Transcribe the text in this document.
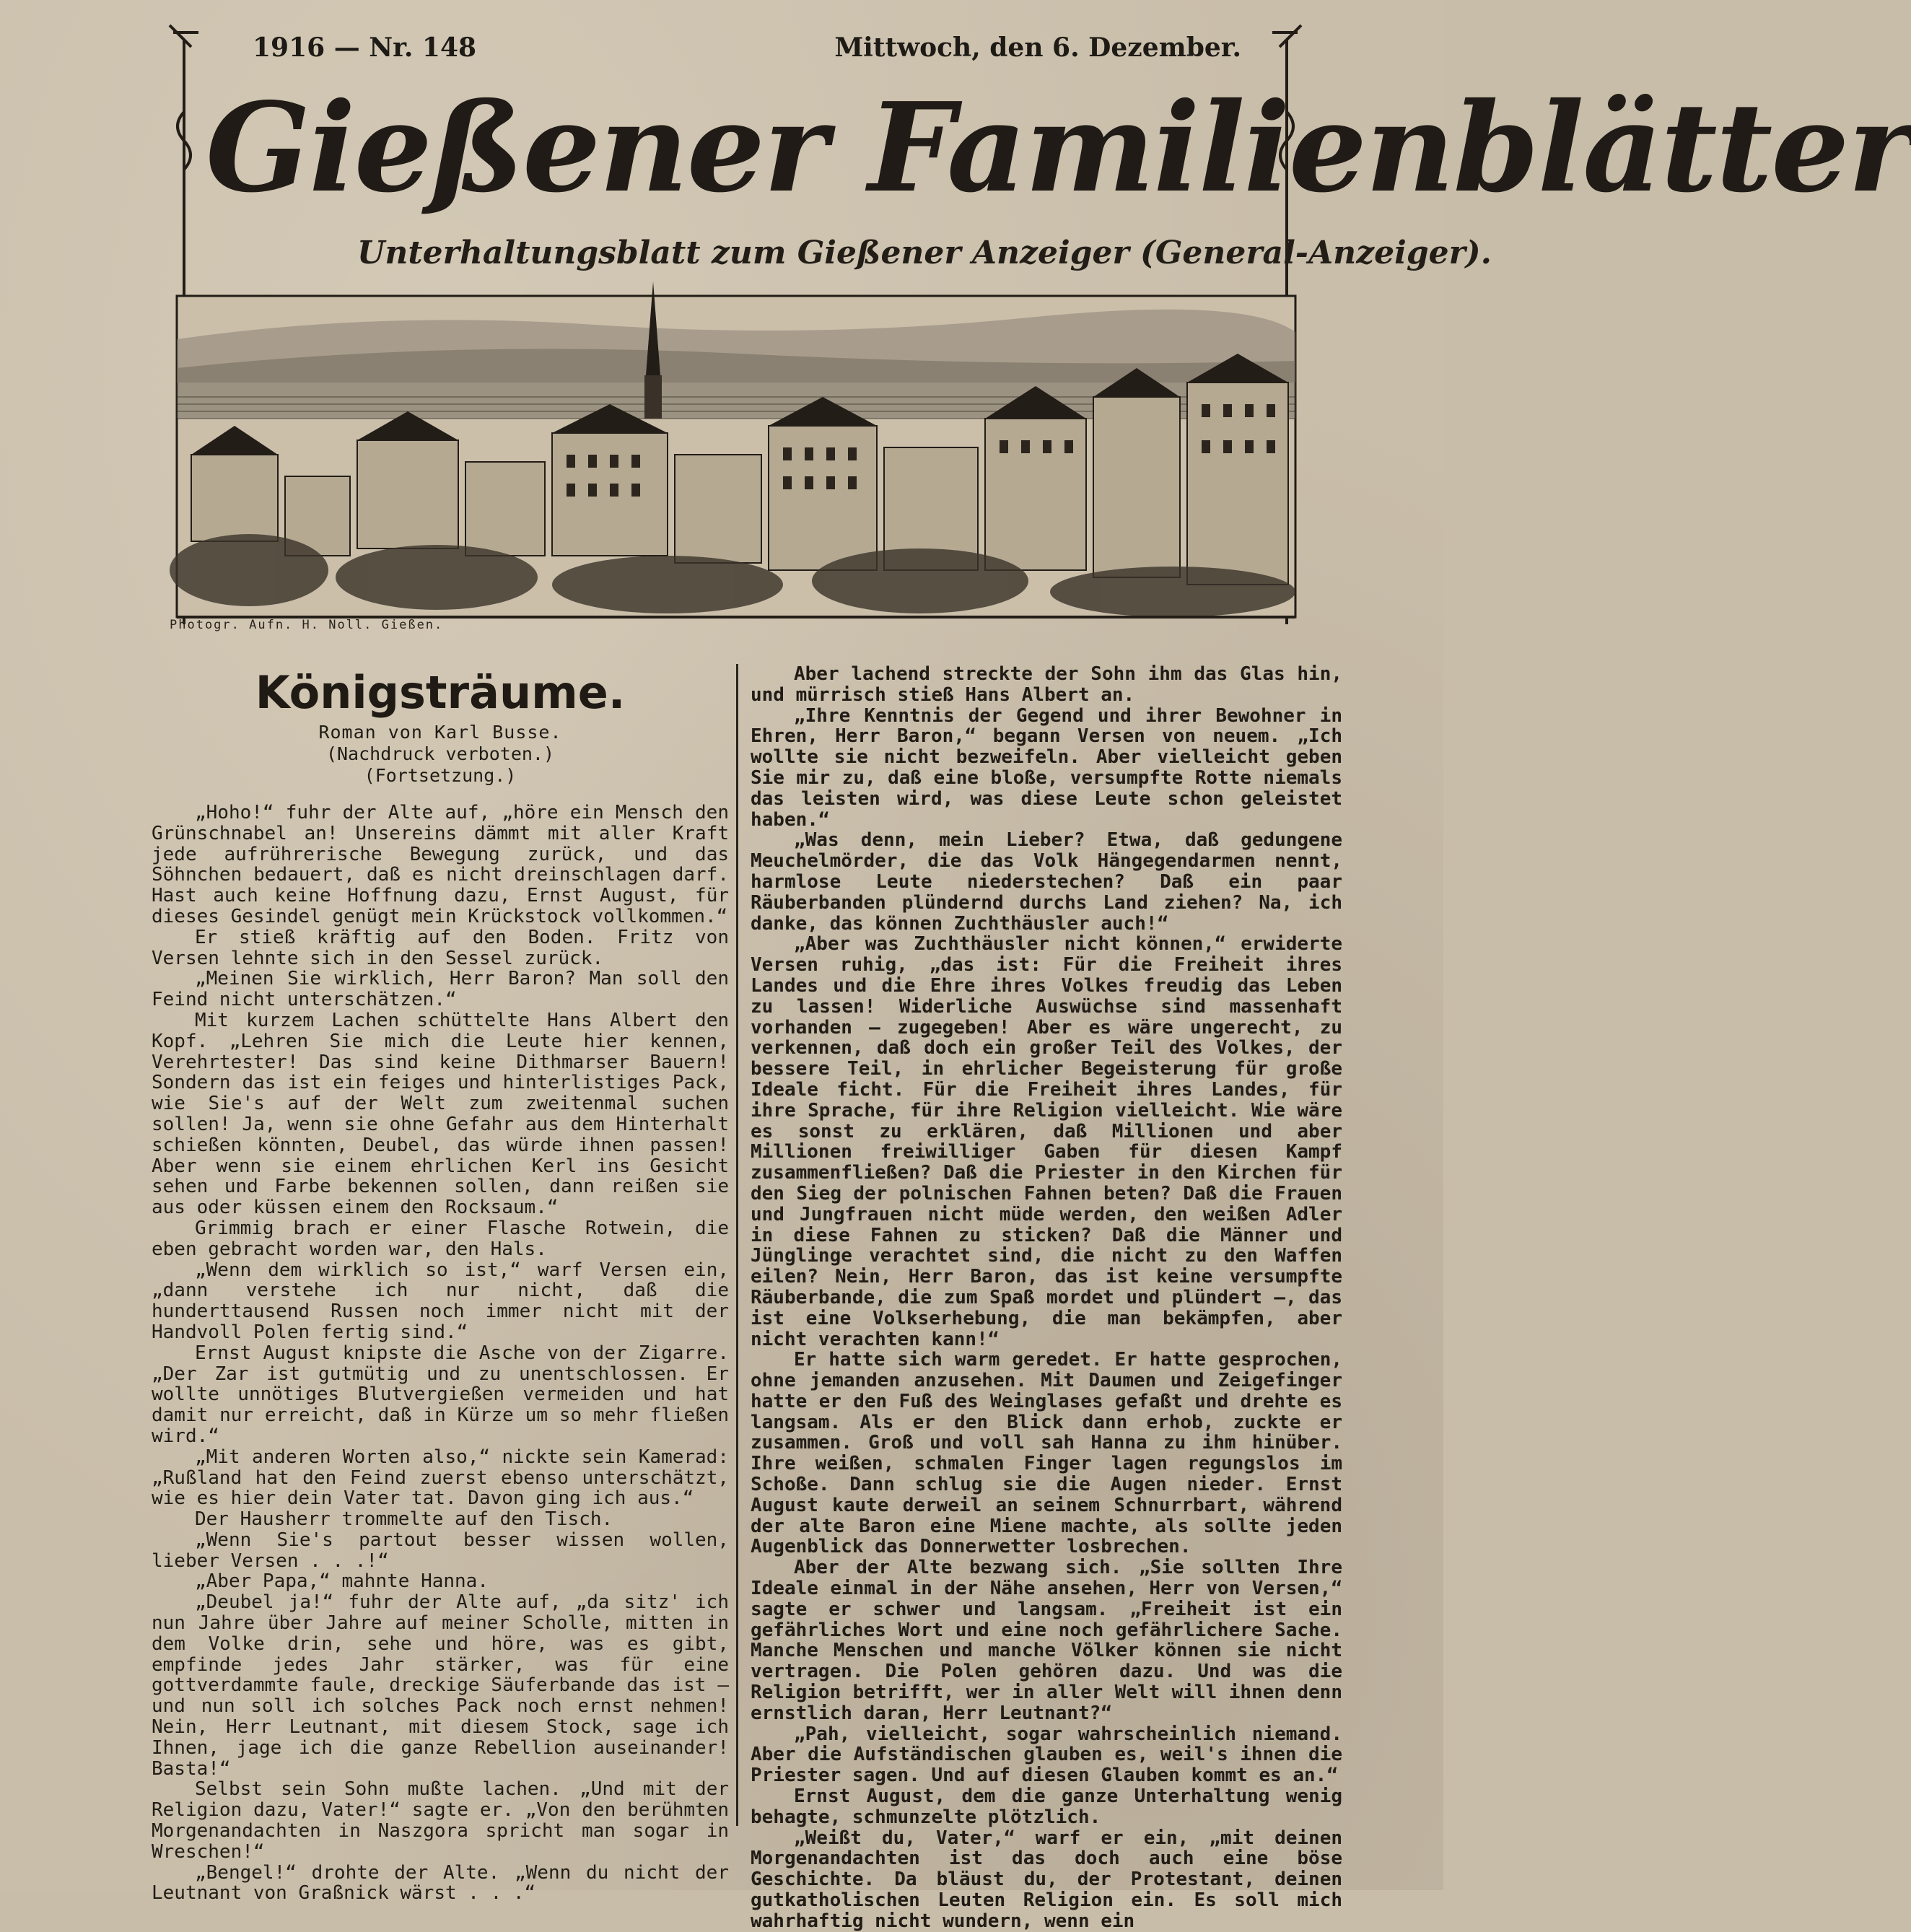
1916 — Nr. 148	Mittwoch, den 6. Dezember.
Gießener Familienblätter
Unterhaltungsblatt zum Gießener Anzeiger (General-Anzeiger).
Photogr. Aufn. H. Noll. Gießen.
Königsträume.
Roman von Karl Busse.
(Nachdruck verboten.)
(Fortsetzung.)

„Hoho!“ fuhr der Alte auf, „höre ein Mensch den Grünschnabel an! Unsereins dämmt mit aller Kraft jede aufrührerische Bewegung zurück, und das Söhnchen bedauert, daß es nicht dreinschlagen darf. Hast auch keine Hoffnung dazu, Ernst August, für dieses Gesindel genügt mein Krückstock vollkommen.“

Er stieß kräftig auf den Boden. Fritz von Versen lehnte sich in den Sessel zurück.

„Meinen Sie wirklich, Herr Baron? Man soll den Feind nicht unterschätzen.“

Mit kurzem Lachen schüttelte Hans Albert den Kopf. „Lehren Sie mich die Leute hier kennen, Verehrtester! Das sind keine Dithmarser Bauern! Sondern das ist ein feiges und hinterlistiges Pack, wie Sie's auf der Welt zum zweitenmal suchen sollen! Ja, wenn sie ohne Gefahr aus dem Hinterhalt schießen könnten, Deubel, das würde ihnen passen! Aber wenn sie einem ehrlichen Kerl ins Gesicht sehen und Farbe bekennen sollen, dann reißen sie aus oder küssen einem den Rocksaum.“

Grimmig brach er einer Flasche Rotwein, die eben gebracht worden war, den Hals.

„Wenn dem wirklich so ist,“ warf Versen ein, „dann verstehe ich nur nicht, daß die hunderttausend Russen noch immer nicht mit der Handvoll Polen fertig sind.“

Ernst August knipste die Asche von der Zigarre. „Der Zar ist gutmütig und zu unentschlossen. Er wollte unnötiges Blutvergießen vermeiden und hat damit nur erreicht, daß in Kürze um so mehr fließen wird.“

„Mit anderen Worten also,“ nickte sein Kamerad: „Rußland hat den Feind zuerst ebenso unterschätzt, wie es hier dein Vater tat. Davon ging ich aus.“

Der Hausherr trommelte auf den Tisch.

„Wenn Sie's partout besser wissen wollen, lieber Versen . . .!“

„Aber Papa,“ mahnte Hanna.

„Deubel ja!“ fuhr der Alte auf, „da sitz' ich nun Jahre über Jahre auf meiner Scholle, mitten in dem Volke drin, sehe und höre, was es gibt, empfinde jedes Jahr stärker, was für eine gottverdammte faule, dreckige Säuferbande das ist — und nun soll ich solches Pack noch ernst nehmen! Nein, Herr Leutnant, mit diesem Stock, sage ich Ihnen, jage ich die ganze Rebellion auseinander! Basta!“

Selbst sein Sohn mußte lachen. „Und mit der Religion dazu, Vater!“ sagte er. „Von den berühmten Morgenandachten in Naszgora spricht man sogar in Wreschen!“

„Bengel!“ drohte der Alte. „Wenn du nicht der Leutnant von Graßnick wärst . . .“

Aber lachend streckte der Sohn ihm das Glas hin, und mürrisch stieß Hans Albert an.

„Ihre Kenntnis der Gegend und ihrer Bewohner in Ehren, Herr Baron,“ begann Versen von neuem. „Ich wollte sie nicht bezweifeln. Aber vielleicht geben Sie mir zu, daß eine bloße, versumpfte Rotte niemals das leisten wird, was diese Leute schon geleistet haben.“

„Was denn, mein Lieber? Etwa, daß gedungene Meuchelmörder, die das Volk Hängegendarmen nennt, harmlose Leute niederstechen? Daß ein paar Räuberbanden plündernd durchs Land ziehen? Na, ich danke, das können Zuchthäusler auch!“

„Aber was Zuchthäusler nicht können,“ erwiderte Versen ruhig, „das ist: Für die Freiheit ihres Landes und die Ehre ihres Volkes freudig das Leben zu lassen! Widerliche Auswüchse sind massenhaft vorhanden — zugegeben! Aber es wäre ungerecht, zu verkennen, daß doch ein großer Teil des Volkes, der bessere Teil, in ehrlicher Begeisterung für große Ideale ficht. Für die Freiheit ihres Landes, für ihre Sprache, für ihre Religion vielleicht. Wie wäre es sonst zu erklären, daß Millionen und aber Millionen freiwilliger Gaben für diesen Kampf zusammenfließen? Daß die Priester in den Kirchen für den Sieg der polnischen Fahnen beten? Daß die Frauen und Jungfrauen nicht müde werden, den weißen Adler in diese Fahnen zu sticken? Daß die Männer und Jünglinge verachtet sind, die nicht zu den Waffen eilen? Nein, Herr Baron, das ist keine versumpfte Räuberbande, die zum Spaß mordet und plündert —, das ist eine Volkserhebung, die man bekämpfen, aber nicht verachten kann!“

Er hatte sich warm geredet. Er hatte gesprochen, ohne jemanden anzusehen. Mit Daumen und Zeigefinger hatte er den Fuß des Weinglases gefaßt und drehte es langsam. Als er den Blick dann erhob, zuckte er zusammen. Groß und voll sah Hanna zu ihm hinüber. Ihre weißen, schmalen Finger lagen regungslos im Schoße. Dann schlug sie die Augen nieder. Ernst August kaute derweil an seinem Schnurrbart, während der alte Baron eine Miene machte, als sollte jeden Augenblick das Donnerwetter losbrechen.

Aber der Alte bezwang sich. „Sie sollten Ihre Ideale einmal in der Nähe ansehen, Herr von Versen,“ sagte er schwer und langsam. „Freiheit ist ein gefährliches Wort und eine noch gefährlichere Sache. Manche Menschen und manche Völker können sie nicht vertragen. Die Polen gehören dazu. Und was die Religion betrifft, wer in aller Welt will ihnen denn ernstlich daran, Herr Leutnant?“

„Pah, vielleicht, sogar wahrscheinlich niemand. Aber die Aufständischen glauben es, weil's ihnen die Priester sagen. Und auf diesen Glauben kommt es an.“

Ernst August, dem die ganze Unterhaltung wenig behagte, schmunzelte plötzlich.

„Weißt du, Vater,“ warf er ein, „mit deinen Morgenandachten ist das doch auch eine böse Geschichte. Da bläust du, der Protestant, deinen gutkatholischen Leuten Religion ein. Es soll mich wahrhaftig nicht wundern, wenn ein
